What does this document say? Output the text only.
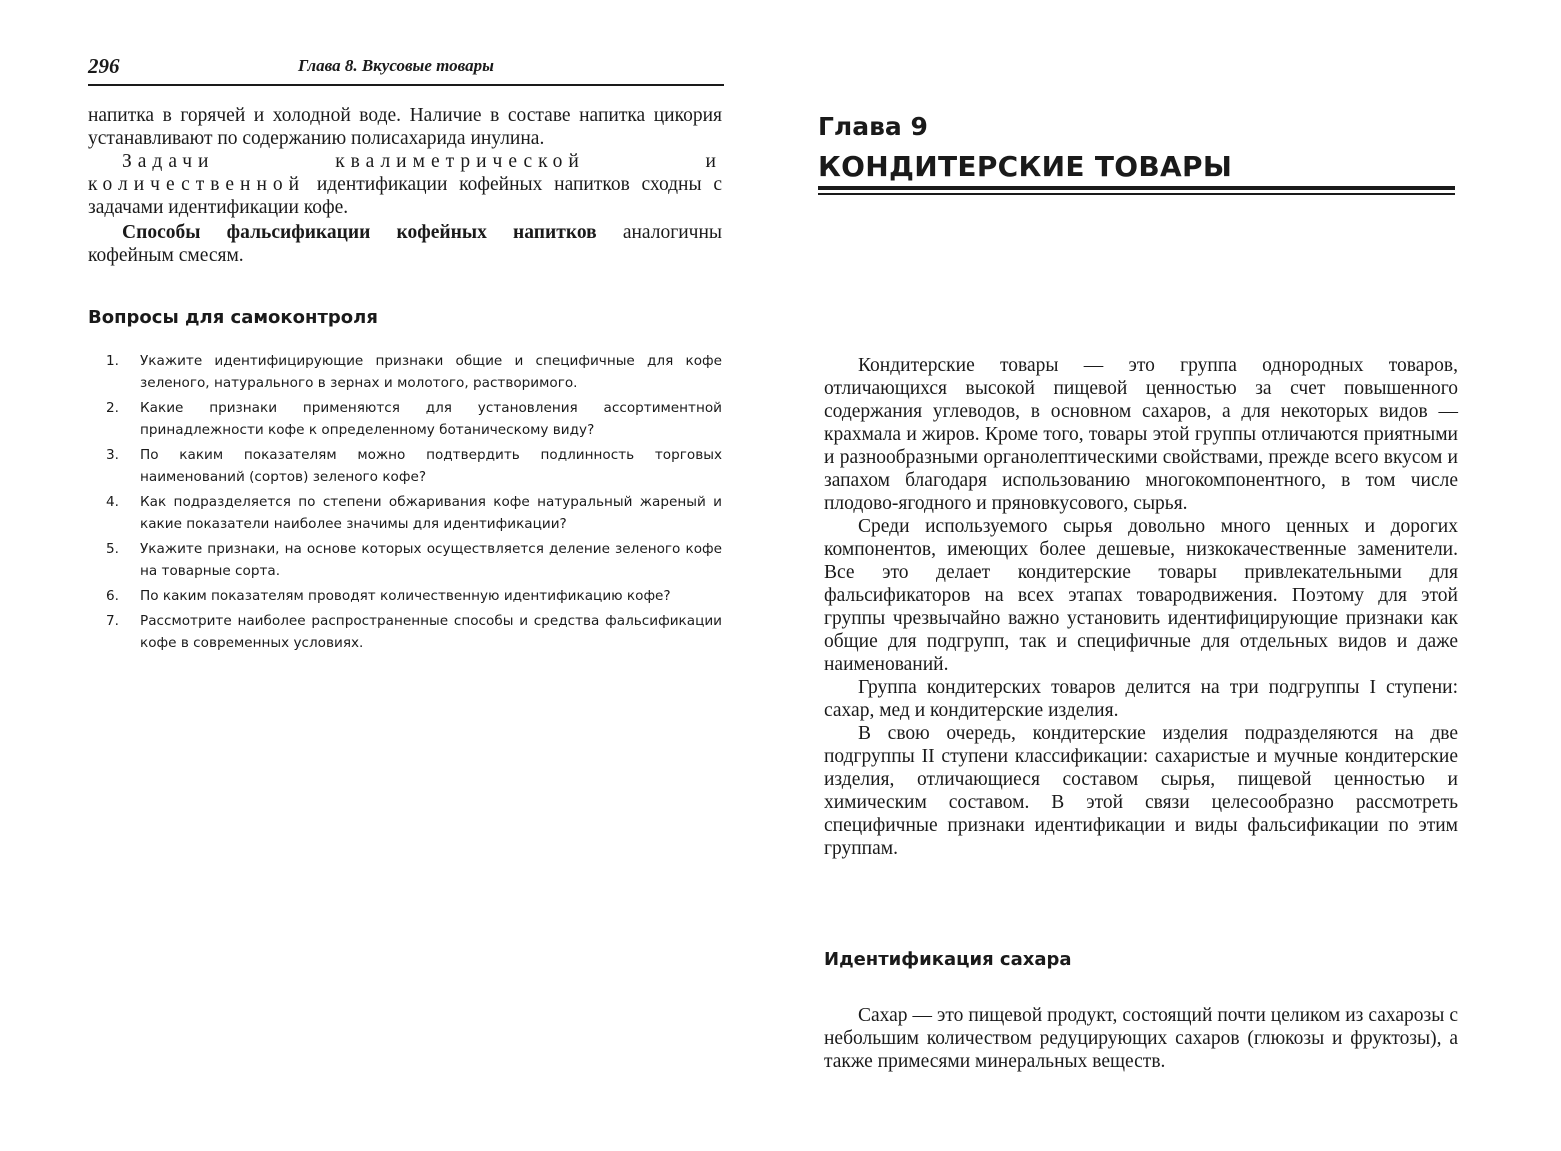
296	Глава 8. Вкусовые товары

напитка в горячей и холодной воде. Наличие в составе напитка цикория устанавливают по содержанию полисахарида инулина.

Задачи квалиметрической и количественной идентификации кофейных напитков сходны с задачами идентификации кофе.

Способы фальсификации кофейных напитков аналогичны кофейным смесям.

Вопросы для самоконтроля
1.	Укажите идентифицирующие признаки общие и специфичные для кофе зеленого, натурального в зернах и молотого, растворимого.
2.	Какие признаки применяются для установления ассортиментной принадлежности кофе к определенному ботаническому виду?
3.	По каким показателям можно подтвердить подлинность торговых наименований (сортов) зеленого кофе?
4.	Как подразделяется по степени обжаривания кофе натуральный жареный и какие показатели наиболее значимы для идентификации?
5.	Укажите признаки, на основе которых осуществляется деление зеленого кофе на товарные сорта.
6.	По каким показателям проводят количественную идентификацию кофе?
7.	Рассмотрите наиболее распространенные способы и средства фальсификации кофе в современных условиях.
Глава 9
КОНДИТЕРСКИЕ ТОВАРЫ

Кондитерские товары — это группа однородных товаров, отличающихся высокой пищевой ценностью за счет повышенного содержания углеводов, в основном сахаров, а для некоторых видов — крахмала и жиров. Кроме того, товары этой группы отличаются приятными и разнообразными органолептическими свойствами, прежде всего вкусом и запахом благодаря использованию многокомпонентного, в том числе плодово-ягодного и пряновкусового, сырья.

Среди используемого сырья довольно много ценных и дорогих компонентов, имеющих более дешевые, низкокачественные заменители. Все это делает кондитерские товары привлекательными для фальсификаторов на всех этапах товародвижения. Поэтому для этой группы чрезвычайно важно установить идентифицирующие признаки как общие для подгрупп, так и специфичные для отдельных видов и даже наименований.

Группа кондитерских товаров делится на три подгруппы I ступени: сахар, мед и кондитерские изделия.

В свою очередь, кондитерские изделия подразделяются на две подгруппы II ступени классификации: сахаристые и мучные кондитерские изделия, отличающиеся составом сырья, пищевой ценностью и химическим составом. В этой связи целесообразно рассмотреть специфичные признаки идентификации и виды фальсификации по этим группам.

Идентификация сахара

Сахар — это пищевой продукт, состоящий почти целиком из сахарозы с небольшим количеством редуцирующих сахаров (глюкозы и фруктозы), а также примесями минеральных веществ.
